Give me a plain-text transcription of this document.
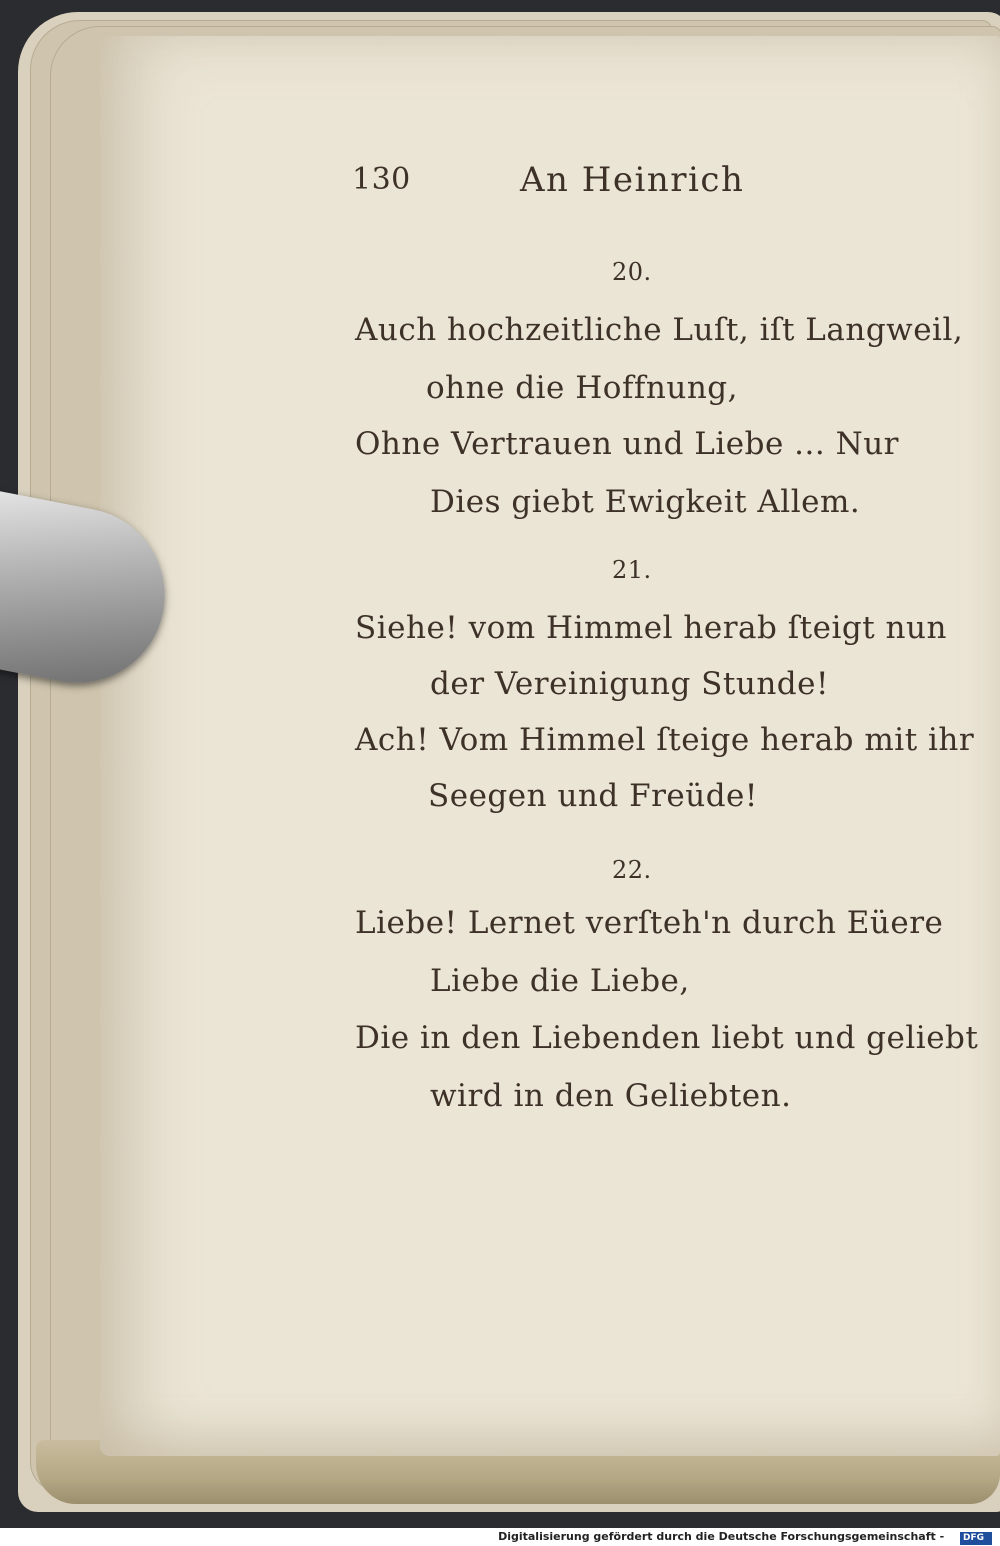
130	An Heinrich
20.
Auch hochzeitliche Luſt, iſt Langweil,
ohne die Hoffnung,
Ohne Vertrauen und Liebe ... Nur
Dies giebt Ewigkeit Allem.
21.
Siehe! vom Himmel herab ſteigt nun
der Vereinigung Stunde!
Ach! Vom Himmel ſteige herab mit ihr
Seegen und Freüde!
22.
Liebe! Lernet verſteh'n durch Eüere
Liebe die Liebe,
Die in den Liebenden liebt und geliebt
wird in den Geliebten.
Digitalisierung gefördert durch die Deutsche Forschungsgemeinschaft - DFG
